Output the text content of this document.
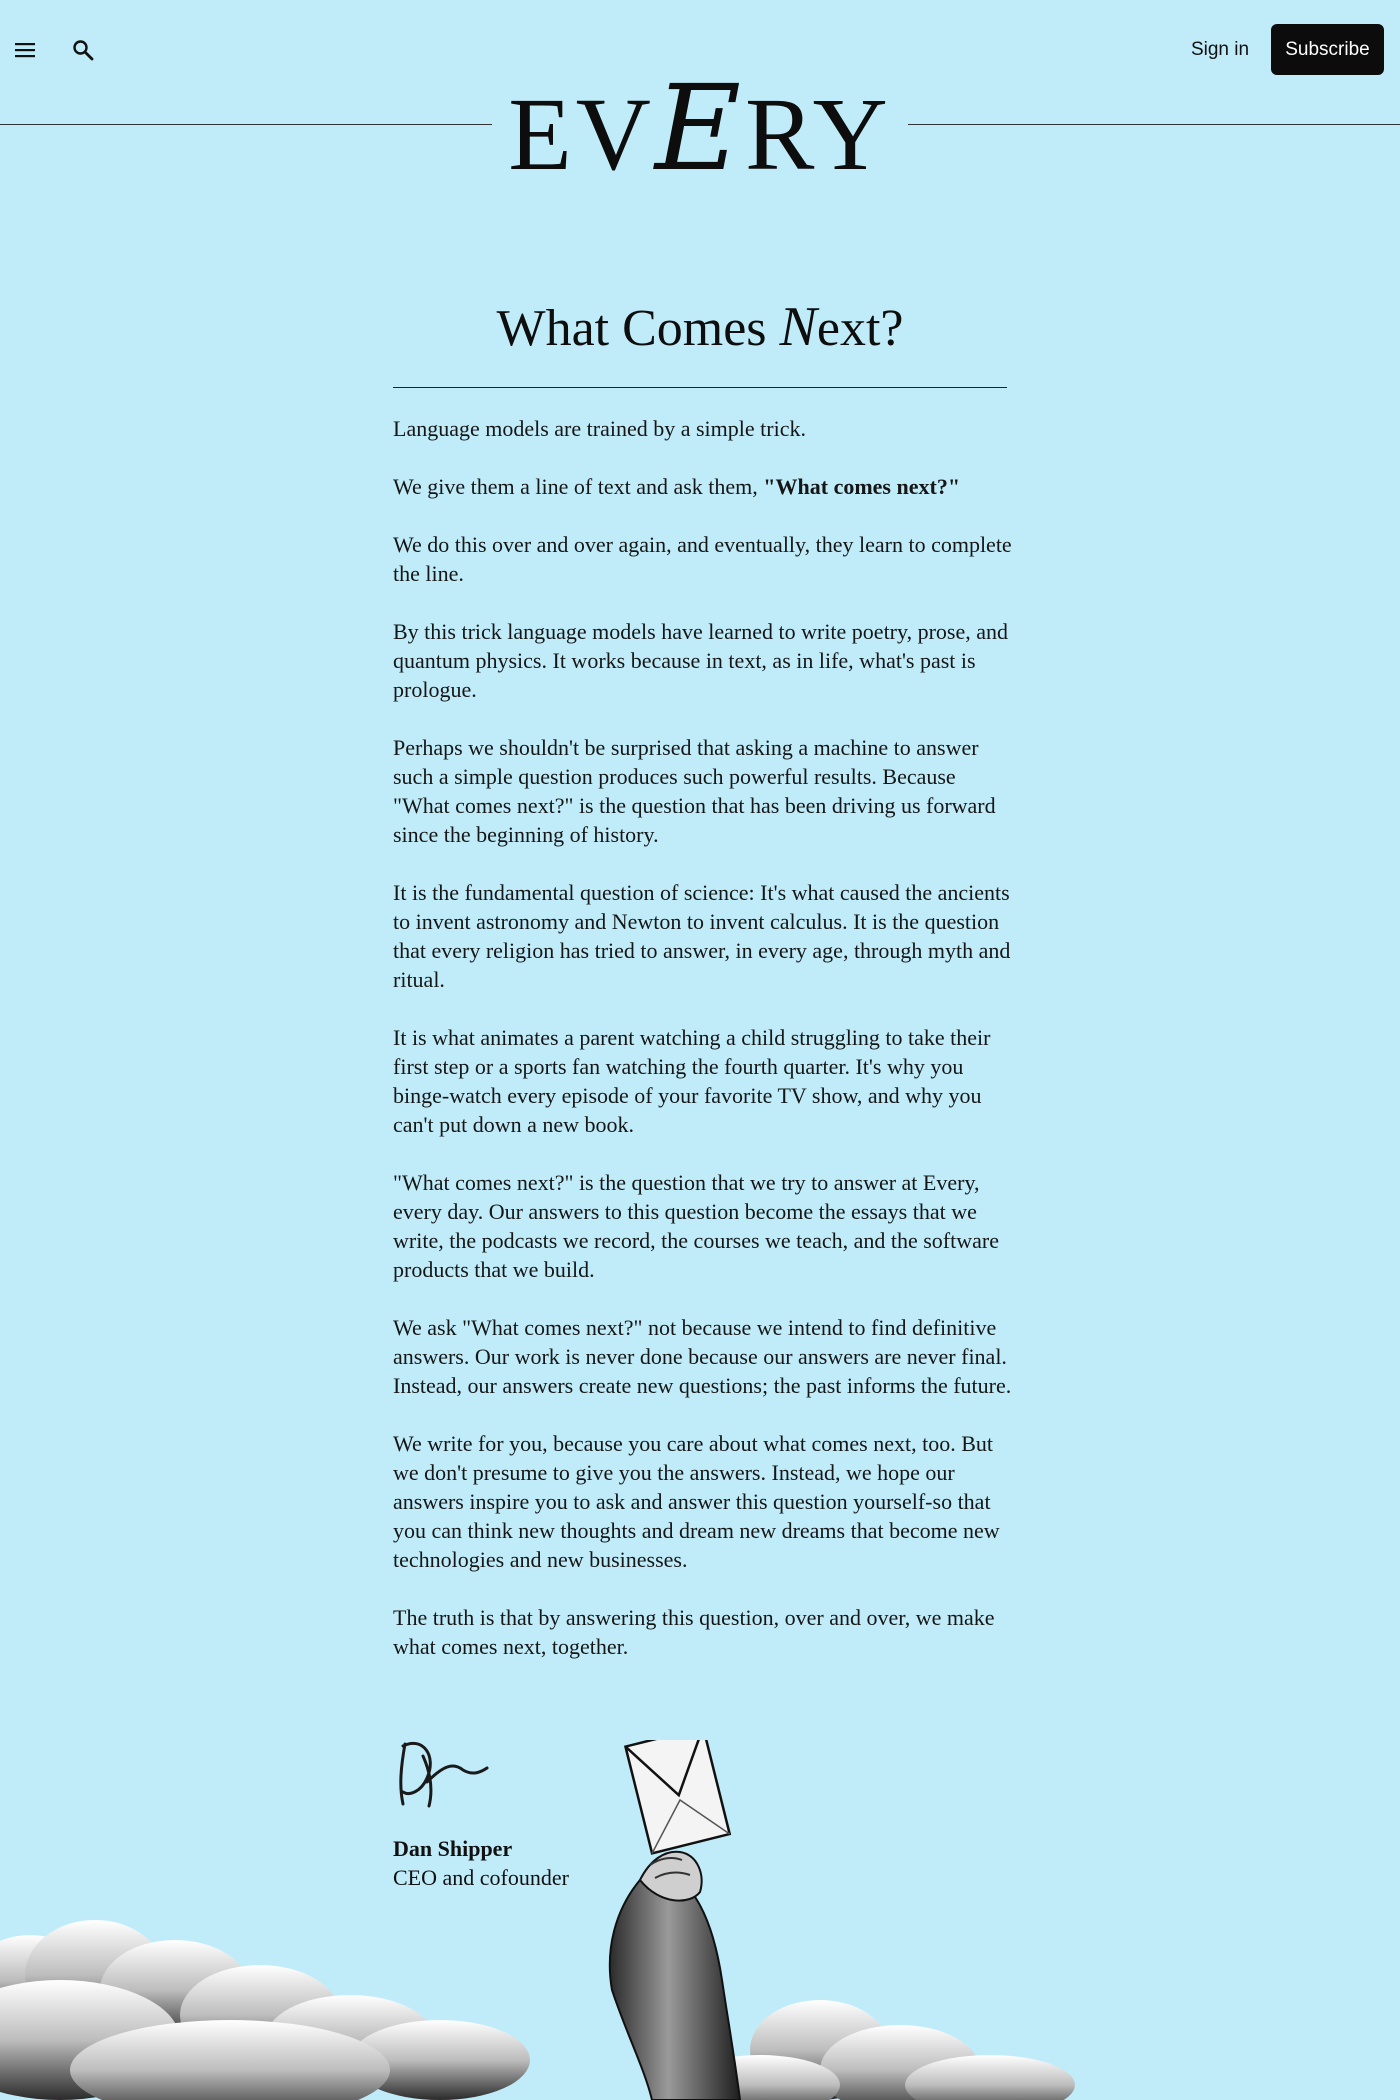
Sign in	Subscribe
EVERY
What Comes Next?

Language models are trained by a simple trick.

We give them a line of text and ask them, "What comes next?"

We do this over and over again, and eventually, they learn to complete the line.

By this trick language models have learned to write poetry, prose, and quantum physics. It works because in text, as in life, what's past is prologue.

Perhaps we shouldn't be surprised that asking a machine to answer such a simple question produces such powerful results. Because "What comes next?" is the question that has been driving us forward since the beginning of history.

It is the fundamental question of science: It's what caused the ancients to invent astronomy and Newton to invent calculus. It is the question that every religion has tried to answer, in every age, through myth and ritual.

It is what animates a parent watching a child struggling to take their first step or a sports fan watching the fourth quarter. It's why you binge-watch every episode of your favorite TV show, and why you can't put down a new book.

"What comes next?" is the question that we try to answer at Every, every day. Our answers to this question become the essays that we write, the podcasts we record, the courses we teach, and the software products that we build.

We ask "What comes next?" not because we intend to find definitive answers. Our work is never done because our answers are never final. Instead, our answers create new questions; the past informs the future.

We write for you, because you care about what comes next, too. But we don't presume to give you the answers. Instead, we hope our answers inspire you to ask and answer this question yourself-so that you can think new thoughts and dream new dreams that become new technologies and new businesses.

The truth is that by answering this question, over and over, we make what comes next, together.

Dan Shipper
CEO and cofounder
